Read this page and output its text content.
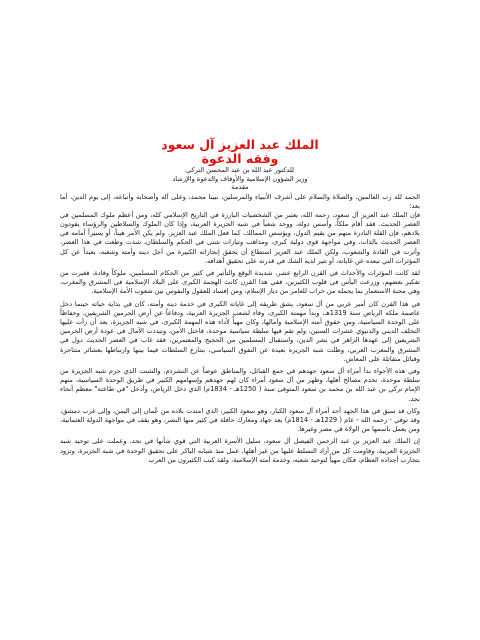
الملك عبد العزيز آل سعود

وفقه الدعوة

للدكتور عبد الله بن عبد المحسن التركي

وزير الشؤون الإسلامية والأوقاف والدعوة والإرشاد

مقدمة

الحمد لله رب العالمين، والصلاة والسلام على أشرف الأنبياء والمرسلين، نبينا محمد، وعلى آله وأصحابه وأتباعه، إلى يوم الدين، أما بعد:

فإن الملك عبد العزيز آل سعود، رحمه الله، يعتبر من الشخصيات البارزة في التاريخ الإسلامي كله، ومن أعظم ملوك المسلمين في العصر الحديث. فقد أقام ملكاً، وأسس دولة، ووحد شعباً في شبه الجزيرة العربية، وإذا كان الملوك والسلاطين والرؤساء يقودون بلادهم، فإن القلة النادرة منهم من يقيم الدول، ويؤسس الممالك، كما فعل الملك عبد العزيز. ولم يكن الأمر هيناً، أو يسيراً أمامه في العصر الحديث بالذات، وفي مواجهة قوى دولية كبرى، ومذاهب وتيارات شتى في الحكم والسلطان، شذت وطغت في هذا العصر، وأثرت في القادة والشعوب، ولكن الملك عبد العزيز استطاع أن يحقق إنجازاته الكبيرة من أجل دينه وأمته وشعبه، بعيداً عن كل المؤثرات التي تبعده عن غاياته، أو تثير لديه الشك في قدرته على تحقيق أهدافه.

لقد كانت المؤثرات والأحداث في القرن الرابع عشر، شديدة الوقع والتأثير في كثير من الحكام المسلمين، ملوكاً وقادة، فغيرت من تفكير بعضهم، وزرعت اليأس في قلوب الكثيرين، ففي هذا القرن كانت الهجمة الكبرى على البلاد الإسلامية في المشرق والمغرب، وهي محنة الاستعمار بما يحمله من خراب للعامر من ديار الإسلام، ومن إفساد للعقول والنفوس بين شعوب الأمة الإسلامية.

في هذا القرن كان أمير عربي من آل سعود، يشق طريقه إلى غاياته الكبرى في خدمة دينه وأمته، كان في بداية حياته حينما دخل عاصمة ملكه الرياض سنة 1319هـ، وبدأ مهمته الكبرى، وفاء لشعب الجزيرة العربية، ودفاعاً عن أرض الحرمين الشريفين، وحفاظاً على الوحدة السياسية، ومن حقوق أمته الإسلامية وآمالها، وكان مهيأً لأداء هذه المهمة الكبرى، في شبه الجزيرة، بعد أن رأت عليها التخلف الديني والدنيوي عشرات السنين، ولم تقم فيها سلطة سياسية موحدة، فاختل الأمن، وتبددت الآمال في عودة أرض الحرمين الشريفين إلى عهدها الزاهر في نشر الدين، واستقبال المسلمين من الحجيج والمعتمرين، فقد غاب في العصر الحديث دول في المشرق والمغرب العربي، وظلت شبه الجزيرة بعيدة عن التفوق السياسي، بتنازع السلطات فيما بينها وارتباطها بعشائر متناحرة وقبائل متقاتلة على المعاش.

وفي هذه الأجواء بدأ أمراء آل سعود جهدهم في جمع القبائل، والمناطق عوضاً عن التشرذم، والشتت الذي حرم شبه الجزيرة من سلطة موحدة، تخدم مصالح أهلها، وظهر من آل سعود أمراء كان لهم جهدهم وإسهامهم الكبير في طريق الوحدة السياسية، منهم الإمام تركي بن عبد الله بن محمد بن سعود المتوفى سنة ( 1250هـ - 1834م) الذي دخل الرياض، وأدخل "في طاعته" معظم أنحاء نجد.

وكان قد سبق في هذا الجهد أحد أمراء آل سعود الكبار، وهو سعود الكبير، الذي امتدت بلاده من عُمان إلى اليمن، وإلى غرب دمشق، وقد توفي - رحمه الله - عام ( 1229هـ - 1814م) بعد جهاد ومعارك حافلة في كثير منها النصر، وهو يقف في مواجهة الدولة العثمانية، ومن يعمل باسمها من الولاة في مصر وغيرها.

إن الملك عبد العزيز بن عبد الرحمن الفيصل آل سعود، سليل الأسرة العربية التي قوي شأنها في نجد، وعملت على توحيد شبه الجزيرة العربية، وقاومت كل من أراد التسلط عليها من غير أهلها، عمل منذ شبابه الباكر على تحقيق الوحدة في شبه الجزيرة، وتزود بتجارب أجداده العظام، فكان مهيأً لتوحيد شعبه، وخدمة أمته الإسلامية، ولقد كتب الكثيرون من العرب
